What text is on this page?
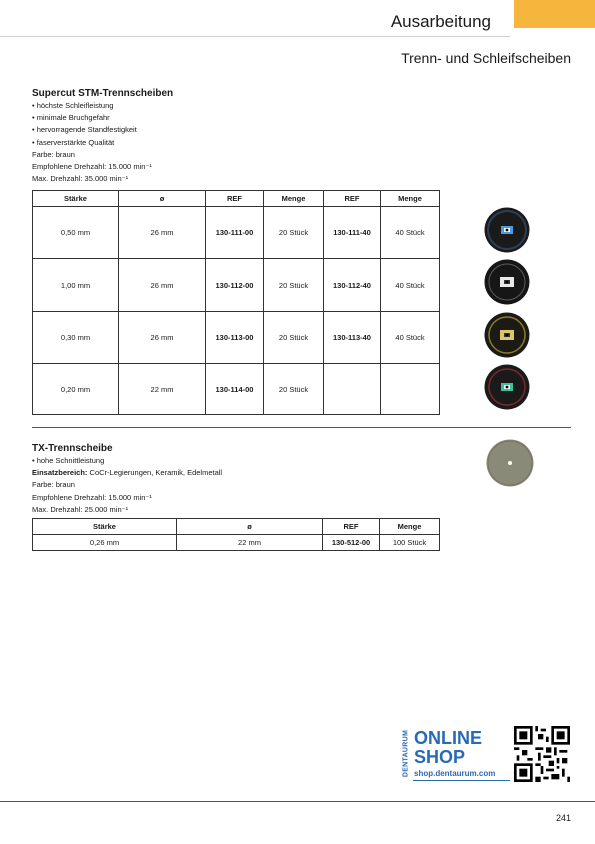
Ausarbeitung
Trenn- und Schleifscheiben
Supercut STM-Trennscheiben

• höchste Schleifleistung

• minimale Bruchgefahr

• hervorragende Standfestigkeit

• faserverstärkte Qualität

Farbe: braun

Empfohlene Drehzahl: 15.000 min⁻¹

Max. Drehzahl: 35.000 min⁻¹

Stärke	ø	REF	Menge	REF	Menge
0,50 mm	26 mm	130-111-00	20 Stück	130-111-40	40 Stück
1,00 mm	26 mm	130-112-00	20 Stück	130-112-40	40 Stück
0,30 mm	26 mm	130-113-00	20 Stück	130-113-40	40 Stück
0,20 mm	22 mm	130-114-00	20 Stück		
TX-Trennscheibe

• hohe Schnittleistung

Einsatzbereich: CoCr-Legierungen, Keramik, Edelmetall

Farbe: braun

Empfohlene Drehzahl: 15.000 min⁻¹

Max. Drehzahl: 25.000 min⁻¹

Stärke	ø	REF	Menge
0,26 mm	22 mm	130-512-00	100 Stück
DENTAURUM ONLINE
SHOP
shop.dentaurum.com
241
